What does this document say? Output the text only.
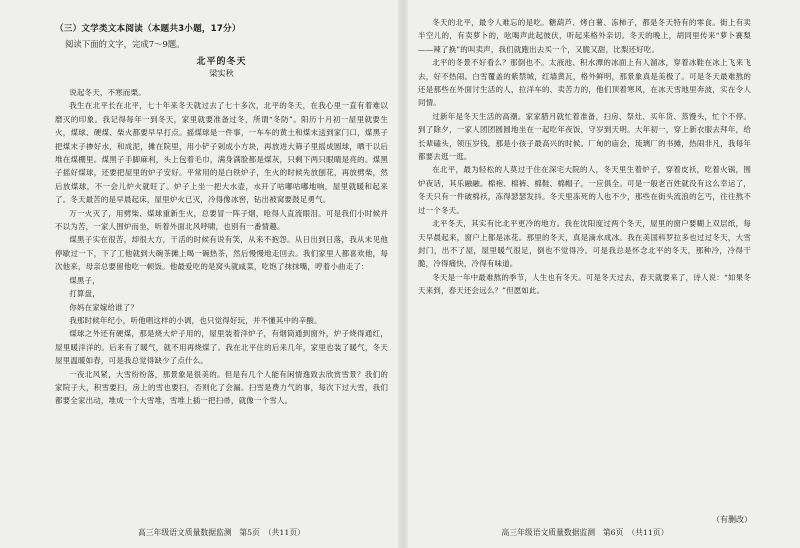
（三）文学类文本阅读（本题共3小题，17分）
阅读下面的文字，完成7～9题。
北平的冬天
梁实秋

说起冬天，不寒而栗。

我生在北平长在北平，七十年来冬天就过去了七十多次，北平的冬天，在我心里一直有着难以磨灭的印象。我记得每年一到冬天，家里就要准备过冬，所谓“冬防”。阳历十月初一屋里就要生火，煤球、硬煤、柴火都要早早打点。摇煤球是一件事，一车车的黄土和煤末送到家门口，煤黑子把煤末子掺好水，和成泥，摊在院里，用小铲子剁成小方块，再放进大筛子里摇成圆球，晒干以后堆在煤棚里。煤黑子手脚麻利，头上包着毛巾，满身满脸都是煤灰，只剩下两只眼睛是亮的。煤黑子摇好煤球，还要把屋里的炉子安好。平常用的是白铁炉子，生火的时候先放刨花，再放劈柴，然后放煤球，不一会儿炉火就旺了。炉子上坐一把大水壶，水开了咕嘟咕嘟地响，屋里就暖和起来了。冬天最苦的是早晨起床，屋里炉火已灭，冷得像冰窖，钻出被窝要鼓足勇气。

万一火灭了，用劈柴、煤球重新生火，总要冒一阵子烟，呛得人直流眼泪。可是我们小时候并不以为苦，一家人围炉而坐，听着外面北风呼啸，也别有一番情趣。

煤黑子实在很苦，却很大方，干活的时候有说有笑，从来不抱怨。从日出到日落，我从未见他停歇过一下，下了工他就到大碗茶摊上喝一碗热茶，然后慢慢地走回去。我们家里人都喜欢他，每次他来，母亲总要留他吃一顿饭。他最爱吃的是窝头就咸菜，吃饱了抹抹嘴，哼着小曲走了：

煤黑子，

打算盘，

你妈在家嫁给谁了？

我那时候年纪小，听他唱这样的小调，也只觉得好玩，并不懂其中的辛酸。

煤球之外还有硬煤，那是烧大炉子用的，屋里装着洋炉子，有烟筒通到窗外，炉子烧得通红，屋里暖洋洋的。后来有了暖气，就不用再烧煤了。我在北平住的后来几年，家里也装了暖气，冬天屋里温暖如春，可是我总觉得缺少了点什么。

一夜北风紧，大雪纷纷落，那景象是很美的。但是有几个人能有闲情逸致去欣赏雪景？我们的家院子大，积雪要扫，房上的雪也要扫，否则化了会漏。扫雪是费力气的事，每次下过大雪，我们都要全家出动，堆成一个大雪堆，雪堆上插一把扫帚，就像一个雪人。

高三年级语文质量数据监测　第5页　（共11页）

冬天的北平，最令人难忘的是吃。糖葫芦、烤白薯、冻柿子，都是冬天特有的零食。街上有卖半空儿的，有卖萝卜的，吆喝声此起彼伏，听起来格外亲切。冬天的晚上，胡同里传来“萝卜赛梨——辣了换”的叫卖声，我们就跑出去买一个，又脆又甜，比梨还好吃。

北平的冬景不好看么？那倒也不。太液池、积水潭的冰面上有人溜冰，穿着冰鞋在冰上飞来飞去，好不热闹。白雪覆盖的紫禁城，红墙黄瓦，格外鲜明，那景象真是美极了。可是冬天最难熬的还是那些在外面讨生活的人，拉洋车的、卖苦力的，他们顶着寒风，在冰天雪地里奔波，实在令人同情。

过新年是冬天生活的高潮。家家腊月就忙着准备，扫房、祭灶、买年货、蒸馒头，忙个不停。到了除夕，一家人团团圆圆地坐在一起吃年夜饭，守岁到天明。大年初一，穿上新衣服去拜年，给长辈磕头，领压岁钱，那是小孩子最高兴的时候。厂甸的庙会，琉璃厂的书摊，热闹非凡，我每年都要去逛一逛。

在北平，最为轻松的人莫过于住在深宅大院的人，冬天里生着炉子，穿着皮袄，吃着火锅，围炉夜话，其乐融融。棉袍、棉裤、棉鞋、棉帽子，一应俱全。可是一般老百姓就没有这么幸运了，冬天只有一件破棉袄，冻得瑟瑟发抖。冬天里冻死的人也不少，那些在街头流浪的乞丐，往往熬不过一个冬天。

北平冬天，其实有比北平更冷的地方。我在沈阳度过两个冬天，屋里的窗户要糊上双层纸，每天早晨起来，窗户上都是冰花。那里的冬天，真是滴水成冰。我在美国科罗拉多也过过冬天，大雪封门，出不了屋，屋里暖气很足，倒也不觉得冷。可是我总是怀念北平的冬天，那种冷，冷得干脆，冷得痛快，冷得有味道。

冬天是一年中最难熬的季节，人生也有冬天。可是冬天过去，春天就要来了，诗人说：“如果冬天来到，春天还会远么？”但愿如此。

（有删改）
高三年级语文质量数据监测　第6页　（共11页）
